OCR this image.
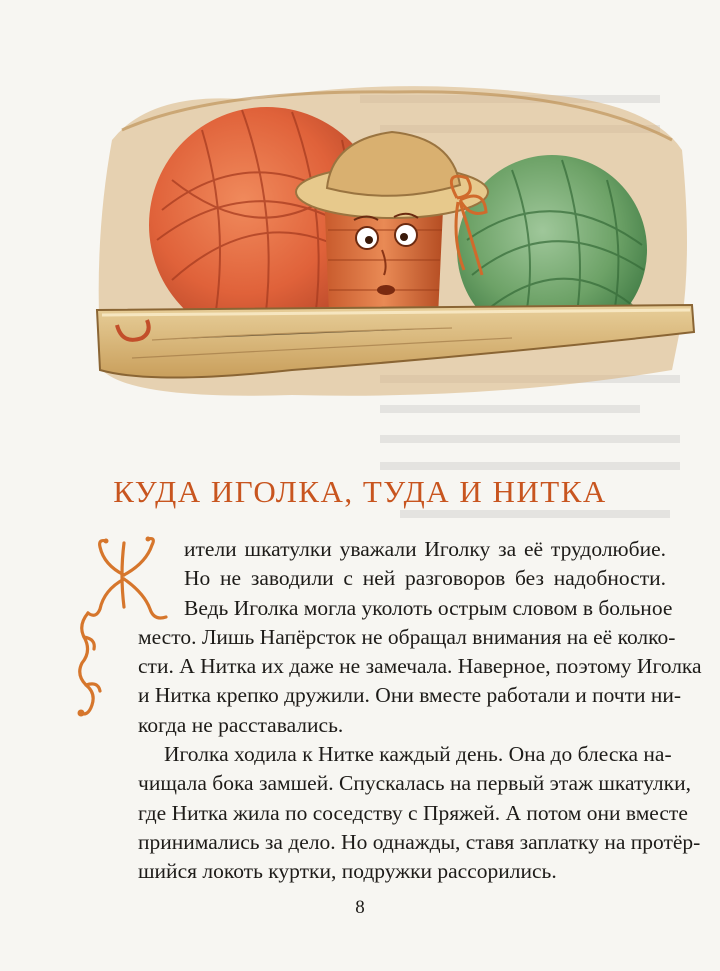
КУДА ИГОЛКА, ТУДА И НИТКА
Ж

ители шкатулки уважали Иголку за её трудолюбие.
Но не заводили с ней разговоров без надобности.
Ведь Иголка могла уколоть острым словом в больное
место. Лишь Напёрсток не обращал внимания на её колко-
сти. А Нитка их даже не замечала. Наверное, поэтому Иголка
и Нитка крепко дружили. Они вместе работали и почти ни-
когда не расставались.

Иголка ходила к Нитке каждый день. Она до блеска на-
чищала бока замшей. Спускалась на первый этаж шкатулки,
где Нитка жила по соседству с Пряжей. А потом они вместе
принимались за дело. Но однажды, ставя заплатку на протёр-
шийся локоть куртки, подружки рассорились.

8
